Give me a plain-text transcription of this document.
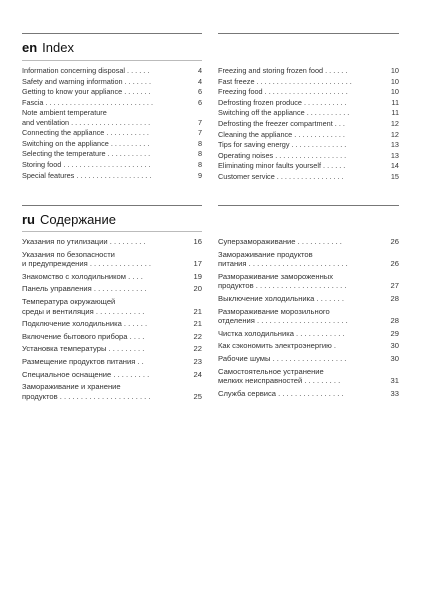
en Index
Information concerning disposal . . . . . .	4
Safety and warning information . . . . . . .	4
Getting to know your appliance . . . . . . .	6
Fascia . . . . . . . . . . . . . . . . . . . . . . . . . . .	6
Note ambient temperature
and ventilation . . . . . . . . . . . . . . . . . . . .	7
Connecting the appliance . . . . . . . . . . .	7
Switching on the appliance . . . . . . . . . .	8
Selecting the temperature . . . . . . . . . . .	8
Storing food . . . . . . . . . . . . . . . . . . . . . .	8
Special features . . . . . . . . . . . . . . . . . . .	9
Freezing and storing frozen food . . . . . .	10
Fast freeze . . . . . . . . . . . . . . . . . . . . . . . .	10
Freezing food . . . . . . . . . . . . . . . . . . . . .	10
Defrosting frozen produce . . . . . . . . . . .	11
Switching off the appliance . . . . . . . . . . .	11
Defrosting the freezer compartment . . .	12
Cleaning the appliance . . . . . . . . . . . . .	12
Tips for saving energy . . . . . . . . . . . . . .	13
Operating noises . . . . . . . . . . . . . . . . . .	13
Eliminating minor faults yourself . . . . . .	14
Customer service . . . . . . . . . . . . . . . . .	15
ru Содержание
Указания по утилизации . . . . . . . . .	16
Указания по безопасности
и предупреждения . . . . . . . . . . . . . . .	17
Знакомство с холодильником . . . .	19
Панель управления . . . . . . . . . . . . .	20
Температура окружающей
среды и вентиляция . . . . . . . . . . . .	21
Подключение холодильника . . . . . .	21
Включение бытового прибора . . . .	22
Установка температуры . . . . . . . . .	22
Размещение продуктов питания . .	23
Специальное оснащение . . . . . . . . .	24
Замораживание и хранение
продуктов . . . . . . . . . . . . . . . . . . . . . .	25
Суперзамораживание . . . . . . . . . . .	26
Замораживание продуктов
питания . . . . . . . . . . . . . . . . . . . . . . . .	26
Размораживание замороженных
продуктов . . . . . . . . . . . . . . . . . . . . . .	27
Выключение холодильника . . . . . . .	28
Размораживание морозильного
отделения . . . . . . . . . . . . . . . . . . . . . .	28
Чистка холодильника . . . . . . . . . . . .	29
Как сэкономить электроэнергию .	30
Рабочие шумы . . . . . . . . . . . . . . . . . .	30
Самостоятельное устранение
мелких неисправностей . . . . . . . . .	31
Служба сервиса . . . . . . . . . . . . . . . .	33
